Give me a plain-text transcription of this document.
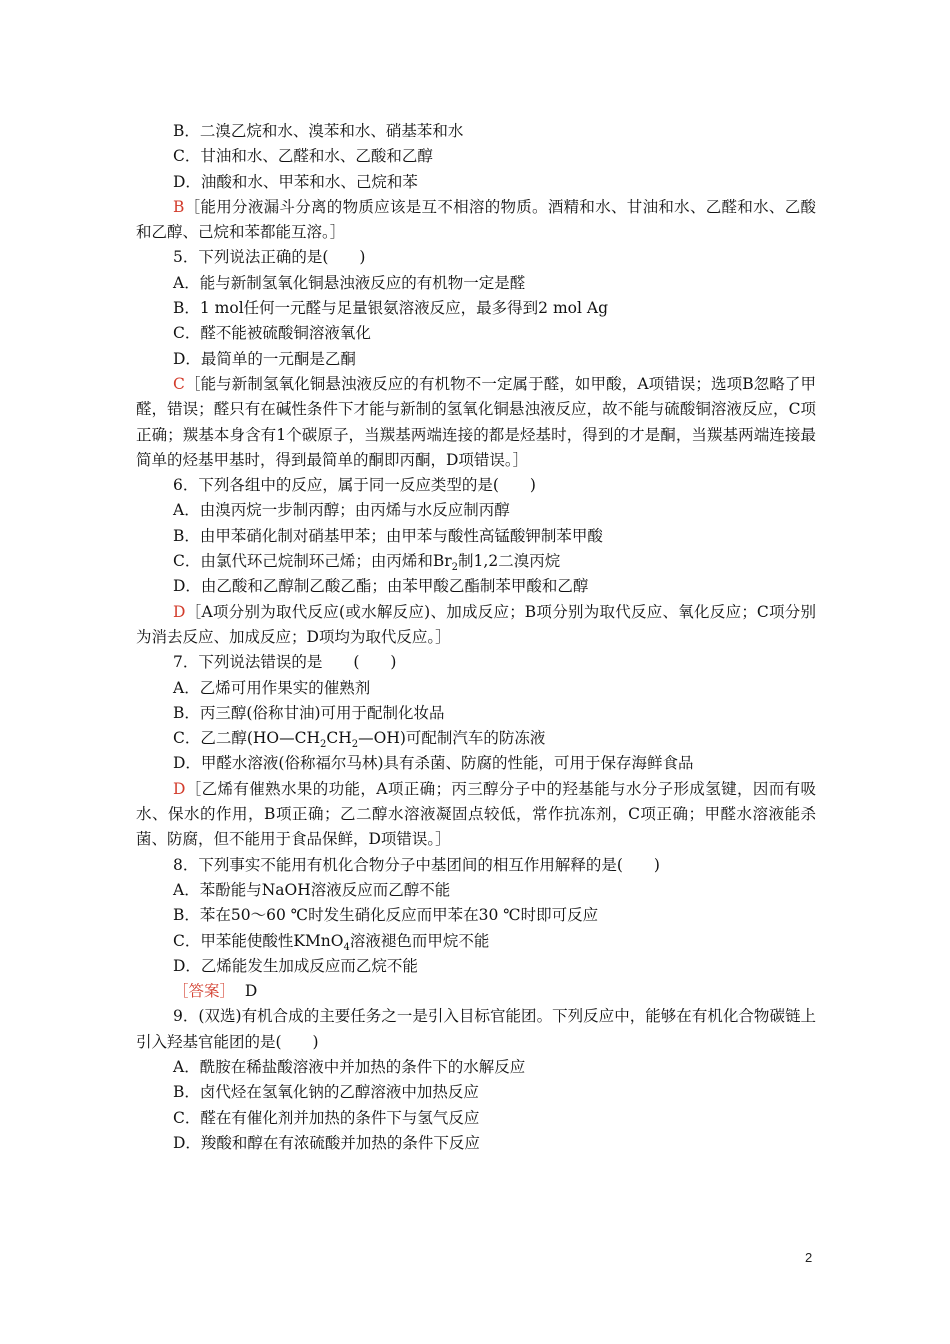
B．二溴乙烷和水、溴苯和水、硝基苯和水
C．甘油和水、乙醛和水、乙酸和乙醇
D．油酸和水、甲苯和水、己烷和苯
B［能用分液漏斗分离的物质应该是互不相溶的物质。酒精和水、甘油和水、乙醛和水、乙酸和乙醇、己烷和苯都能互溶。］
5．下列说法正确的是(　　)
A．能与新制氢氧化铜悬浊液反应的有机物一定是醛
B．1 mol任何一元醛与足量银氨溶液反应，最多得到2 mol Ag
C．醛不能被硫酸铜溶液氧化
D．最简单的一元酮是乙酮
C［能与新制氢氧化铜悬浊液反应的有机物不一定属于醛，如甲酸，A项错误；选项B忽略了甲醛，错误；醛只有在碱性条件下才能与新制的氢氧化铜悬浊液反应，故不能与硫酸铜溶液反应，C项正确；羰基本身含有1个碳原子，当羰基两端连接的都是烃基时，得到的才是酮，当羰基两端连接最简单的烃基甲基时，得到最简单的酮即丙酮，D项错误。］
6．下列各组中的反应，属于同一反应类型的是(　　)
A．由溴丙烷一步制丙醇；由丙烯与水反应制丙醇
B．由甲苯硝化制对硝基甲苯；由甲苯与酸性高锰酸钾制苯甲酸
C．由氯代环己烷制环己烯；由丙烯和$Br_2$制1,2二溴丙烷
D．由乙酸和乙醇制乙酸乙酯；由苯甲酸乙酯制苯甲酸和乙醇
D［A项分别为取代反应(或水解反应)、加成反应；B项分别为取代反应、氧化反应；C项分别为消去反应、加成反应；D项均为取代反应。］
7．下列说法错误的是　　(　　)
A．乙烯可用作果实的催熟剂
B．丙三醇(俗称甘油)可用于配制化妆品
C．乙二醇$(HO—CH_2CH_2—OH)$可配制汽车的防冻液
D．甲醛水溶液(俗称福尔马林)具有杀菌、防腐的性能，可用于保存海鲜食品
D［乙烯有催熟水果的功能，A项正确；丙三醇分子中的羟基能与水分子形成氢键，因而有吸水、保水的作用，B项正确；乙二醇水溶液凝固点较低，常作抗冻剂，C项正确；甲醛水溶液能杀菌、防腐，但不能用于食品保鲜，D项错误。］
8．下列事实不能用有机化合物分子中基团间的相互作用解释的是(　　)
A．苯酚能与NaOH溶液反应而乙醇不能
B．苯在50～60 ℃时发生硝化反应而甲苯在30 ℃时即可反应
C．甲苯能使酸性KMnO$_4$溶液褪色而甲烷不能
D．乙烯能发生加成反应而乙烷不能
［答案］ D
9．(双选)有机合成的主要任务之一是引入目标官能团。下列反应中，能够在有机化合物碳链上引入羟基官能团的是(　　)
A．酰胺在稀盐酸溶液中并加热的条件下的水解反应
B．卤代烃在氢氧化钠的乙醇溶液中加热反应
C．醛在有催化剂并加热的条件下与氢气反应
D．羧酸和醇在有浓硫酸并加热的条件下反应
2
